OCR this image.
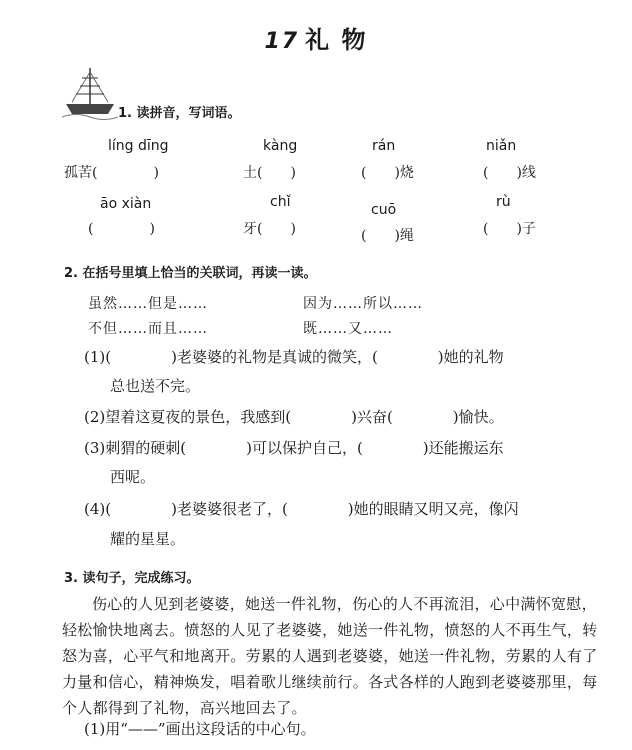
17 礼 物
1. 读拼音，写词语。
líng dīng	kàng	rán	niǎn
孤苦(　　　　)	土(　　)	(　　)烧	(　　)线
āo xiàn	chǐ	cuō	rù
(　　　　)	牙(　　)	(　　)绳	(　　)子
2. 在括号里填上恰当的关联词，再读一读。
虽然……但是……	因为……所以……
不但……而且……	既……又……
(1)(　　　　)老婆婆的礼物是真诚的微笑，(　　　　)她的礼物
总也送不完。
(2)望着这夏夜的景色，我感到(　　　　)兴奋(　　　　)愉快。
(3)刺猬的硬刺(　　　　)可以保护自己，(　　　　)还能搬运东
西呢。
(4)(　　　　)老婆婆很老了，(　　　　)她的眼睛又明又亮，像闪
耀的星星。
3. 读句子，完成练习。
伤心的人见到老婆婆，她送一件礼物，伤心的人不再流泪，心中满怀宽慰，轻松愉快地离去。愤怒的人见了老婆婆，她送一件礼物，愤怒的人不再生气，转怒为喜，心平气和地离开。劳累的人遇到老婆婆，她送一件礼物，劳累的人有了力量和信心，精神焕发，唱着歌儿继续前行。各式各样的人跑到老婆婆那里，每个人都得到了礼物，高兴地回去了。
(1)用“——”画出这段话的中心句。
